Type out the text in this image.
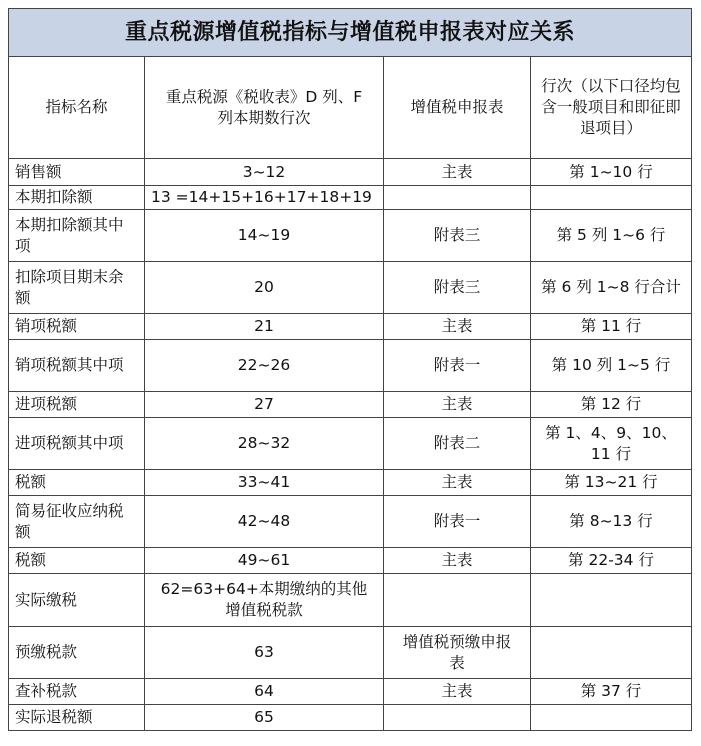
重点税源增值税指标与增值税申报表对应关系			
指标名称	重点税源《税收表》D 列、F 列本期数行次	增值税申报表	行次（以下口径均包含一般项目和即征即退项目）
销售额	3~12	主表	第 1~10 行
本期扣除额	13 =14+15+16+17+18+19		
本期扣除额其中项	14~19	附表三	第 5 列 1~6 行
扣除项目期末余额	20	附表三	第 6 列 1~8 行合计
销项税额	21	主表	第 11 行
销项税额其中项	22~26	附表一	第 10 列 1~5 行
进项税额	27	主表	第 12 行
进项税额其中项	28~32	附表二	第 1、4、9、10、11 行
税额	33~41	主表	第 13~21 行
简易征收应纳税额	42~48	附表一	第 8~13 行
税额	49~61	主表	第 22-34 行
实际缴税	62=63+64+本期缴纳的其他增值税税款		
预缴税款	63	增值税预缴申报表	
查补税款	64	主表	第 37 行
实际退税额	65		
